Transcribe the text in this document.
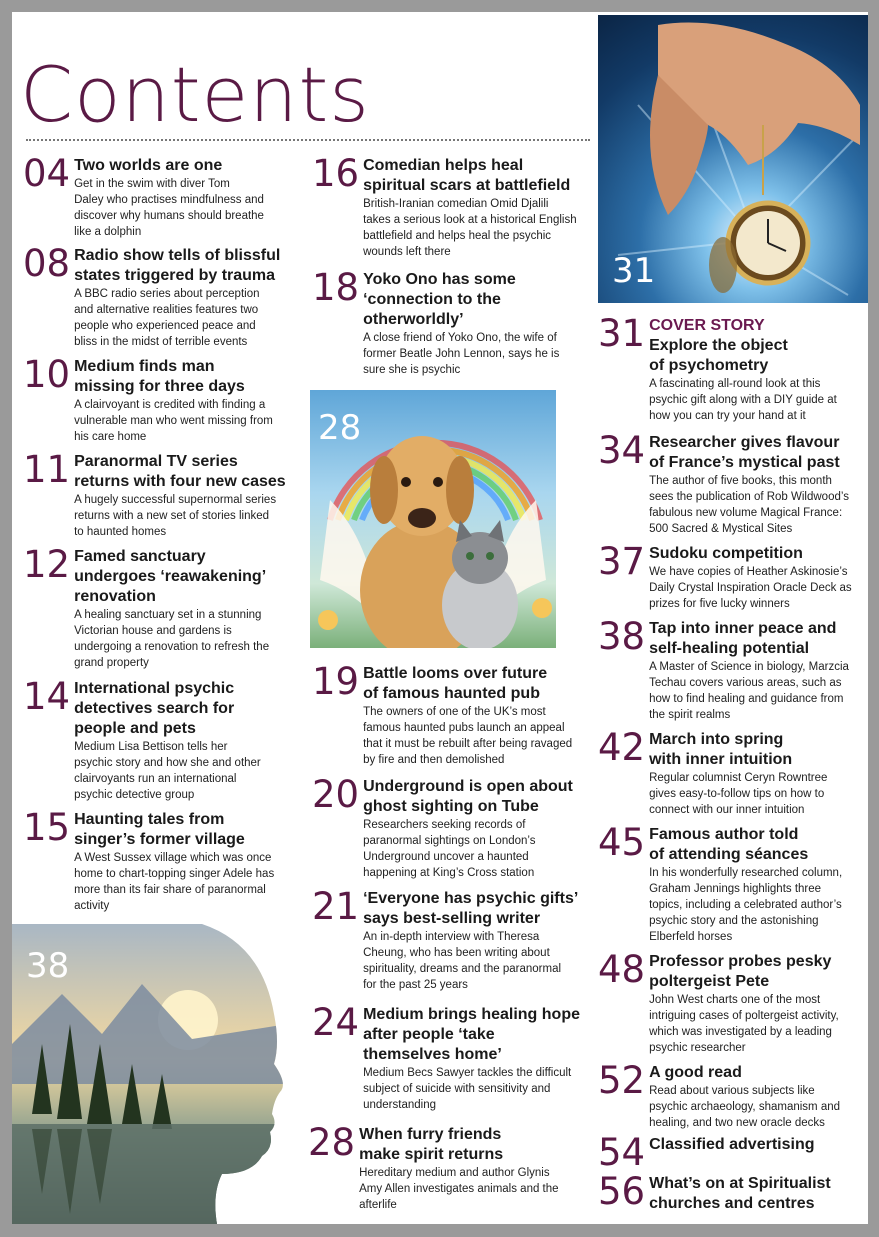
Contents
31
28
38
04 Two worlds are one
Get in the swim with diver Tom
Daley who practises mindfulness and
discover why humans should breathe
like a dolphin
08 Radio show tells of blissful
states triggered by trauma
A BBC radio series about perception
and alternative realities features two
people who experienced peace and
bliss in the midst of terrible events
10 Medium finds man
missing for three days
A clairvoyant is credited with finding a
vulnerable man who went missing from
his care home
11 Paranormal TV series
returns with four new cases
A hugely successful supernormal series
returns with a new set of stories linked
to haunted homes
12 Famed sanctuary
undergoes ‘reawakening’
renovation
A healing sanctuary set in a stunning
Victorian house and gardens is
undergoing a renovation to refresh the
grand property
14 International psychic
detectives search for
people and pets
Medium Lisa Bettison tells her
psychic story and how she and other
clairvoyants run an international
psychic detective group
15 Haunting tales from
singer’s former village
A West Sussex village which was once
home to chart-topping singer Adele has
more than its fair share of paranormal
activity
16 Comedian helps heal
spiritual scars at battlefield
British-Iranian comedian Omid Djalili
takes a serious look at a historical English
battlefield and helps heal the psychic
wounds left there
18 Yoko Ono has some
‘connection to the
otherworldly’
A close friend of Yoko Ono, the wife of
former Beatle John Lennon, says he is
sure she is psychic
19 Battle looms over future
of famous haunted pub
The owners of one of the UK’s most
famous haunted pubs launch an appeal
that it must be rebuilt after being ravaged
by fire and then demolished
20 Underground is open about
ghost sighting on Tube
Researchers seeking records of
paranormal sightings on London’s
Underground uncover a haunted
happening at King’s Cross station
21 ‘Everyone has psychic gifts’
says best-selling writer
An in-depth interview with Theresa
Cheung, who has been writing about
spirituality, dreams and the paranormal
for the past 25 years
24 Medium brings healing hope
after people ‘take
themselves home’
Medium Becs Sawyer tackles the difficult
subject of suicide with sensitivity and
understanding
28 When furry friends
make spirit returns
Hereditary medium and author Glynis
Amy Allen investigates animals and the
afterlife
31 COVER STORY
Explore the object
of psychometry
A fascinating all-round look at this
psychic gift along with a DIY guide at
how you can try your hand at it
34 Researcher gives flavour
of France’s mystical past
The author of five books, this month
sees the publication of Rob Wildwood’s
fabulous new volume Magical France:
500 Sacred & Mystical Sites
37 Sudoku competition
We have copies of Heather Askinosie’s
Daily Crystal Inspiration Oracle Deck as
prizes for five lucky winners
38 Tap into inner peace and
self-healing potential
A Master of Science in biology, Marzcia
Techau covers various areas, such as
how to find healing and guidance from
the spirit realms
42 March into spring
with inner intuition
Regular columnist Ceryn Rowntree
gives easy-to-follow tips on how to
connect with our inner intuition
45 Famous author told
of attending séances
In his wonderfully researched column,
Graham Jennings highlights three
topics, including a celebrated author’s
psychic story and the astonishing
Elberfeld horses
48 Professor probes pesky
poltergeist Pete
John West charts one of the most
intriguing cases of poltergeist activity,
which was investigated by a leading
psychic researcher
52 A good read
Read about various subjects like
psychic archaeology, shamanism and
healing, and two new oracle decks
54 Classified advertising
56 What’s on at Spiritualist
churches and centres
